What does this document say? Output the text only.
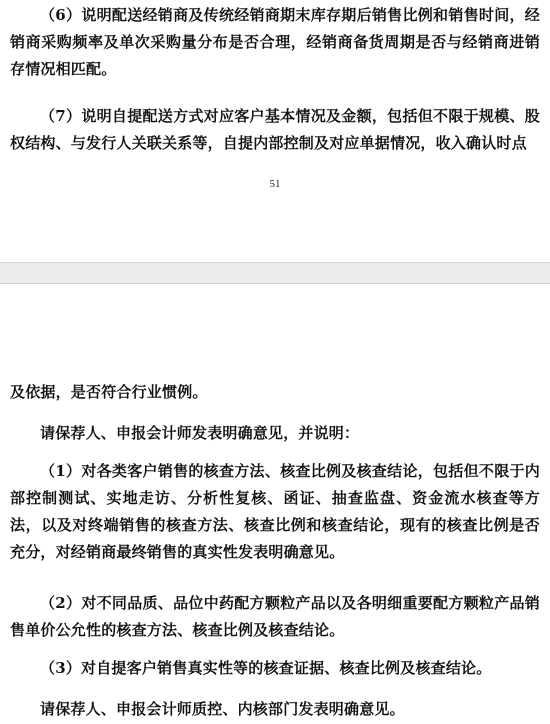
（6）说明配送经销商及传统经销商期末库存期后销售比例和销售时间，经销商采购频率及单次采购量分布是否合理，经销商备货周期是否与经销商进销存情况相匹配。

（7）说明自提配送方式对应客户基本情况及金额，包括但不限于规模、股权结构、与发行人关联关系等，自提内部控制及对应单据情况，收入确认时点

51

及依据，是否符合行业惯例。

请保荐人、申报会计师发表明确意见，并说明：

（1）对各类客户销售的核查方法、核查比例及核查结论，包括但不限于内部控制测试、实地走访、分析性复核、函证、抽查监盘、资金流水核查等方法，以及对终端销售的核查方法、核查比例和核查结论，现有的核查比例是否充分，对经销商最终销售的真实性发表明确意见。

（2）对不同品质、品位中药配方颗粒产品以及各明细重要配方颗粒产品销售单价公允性的核查方法、核查比例及核查结论。

（3）对自提客户销售真实性等的核查证据、核查比例及核查结论。

请保荐人、申报会计师质控、内核部门发表明确意见。
